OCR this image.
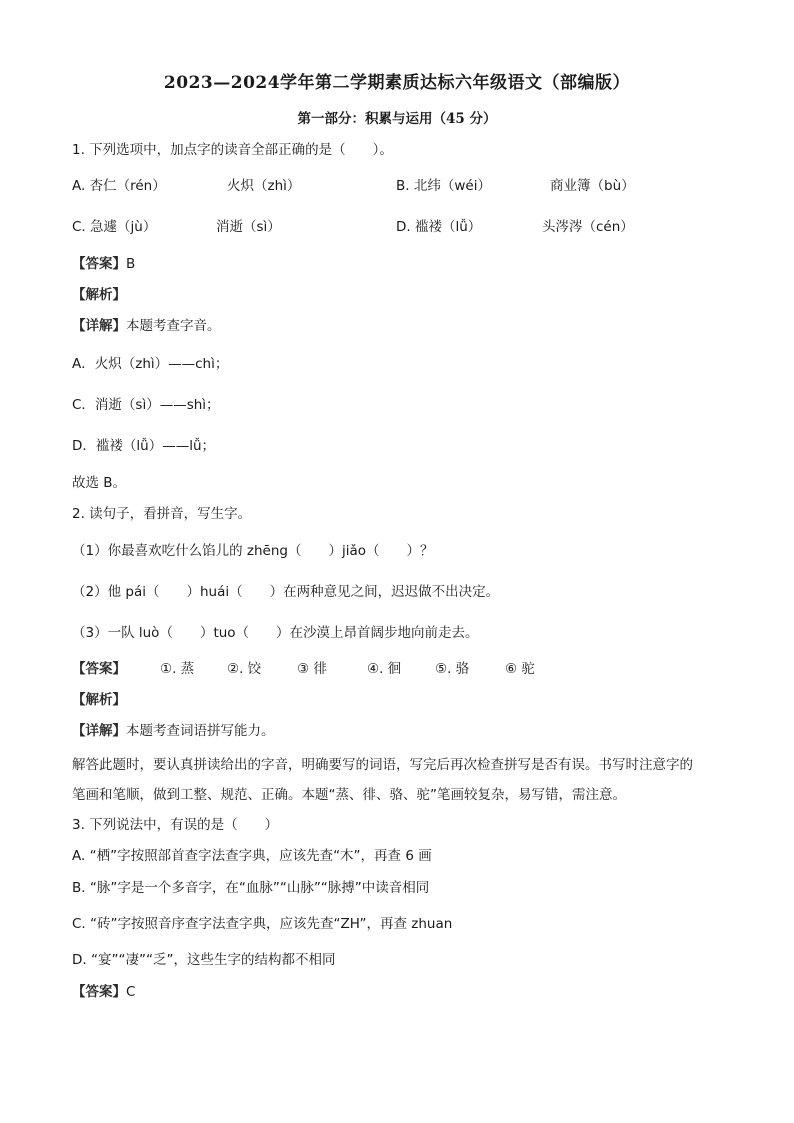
2023—2024学年第二学期素质达标六年级语文（部编版）
第一部分：积累与运用（45 分）
1. 下列选项中，加点字的读音全部正确的是（　　）。
A. 杏仁（rén）	火炽（zhì）	B. 北纬（wéi）	商业簿（bù）
C. 急遽（jù）	消逝（sì）	D. 褴褛（lǚ）	头涔涔（cén）
【答案】B
【解析】
【详解】本题考查字音。
A．火炽（zhì）——chì；
C．消逝（sì）——shì；
D．褴褛（lǚ）——lǚ；
故选 B。
2. 读句子，看拼音，写生字。
（1）你最喜欢吃什么馅儿的 zhēng（　　）jiǎo（　　）？
（2）他 pái（　　）huái（　　）在两种意见之间，迟迟做不出决定。
（3）一队 luò（　　）tuo（　　）在沙漠上昂首阔步地向前走去。
【答案】	①. 蒸 ②. 饺	③ 徘	④. 徊	⑤. 骆	⑥ 驼
【解析】
【详解】本题考查词语拼写能力。
解答此题时，要认真拼读给出的字音，明确要写的词语，写完后再次检查拼写是否有误。书写时注意字的
笔画和笔顺，做到工整、规范、正确。本题“蒸、徘、骆、驼”笔画较复杂，易写错，需注意。
3. 下列说法中，有误的是（　　）
A. “栖”字按照部首查字法查字典，应该先查“木”，再查 6 画
B. “脉”字是一个多音字，在“血脉”“山脉”“脉搏”中读音相同
C. “砖”字按照音序查字法查字典，应该先查“ZH”，再查 zhuan
D. “宴”“凄”“乏”，这些生字的结构都不相同
【答案】C
